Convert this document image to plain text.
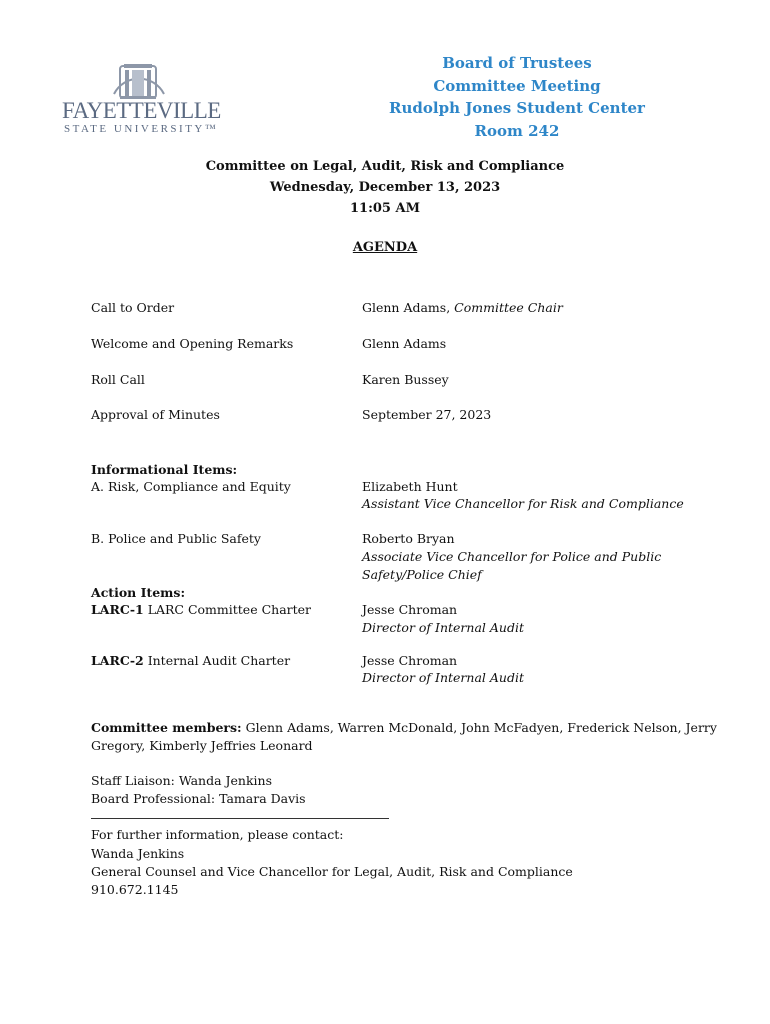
FAYETTEVILLE
STATE UNIVERSITY™
Board of Trustees
Committee Meeting
Rudolph Jones Student Center
Room 242
Committee on Legal, Audit, Risk and Compliance
Wednesday, December 13, 2023
11:05 AM
AGENDA
Call to Order	Glenn Adams, Committee Chair
Welcome and Opening Remarks	Glenn Adams
Roll Call	Karen Bussey
Approval of Minutes	September 27, 2023
Informational Items:
A. Risk, Compliance and Equity	Elizabeth Hunt
Assistant Vice Chancellor for Risk and Compliance
B. Police and Public Safety	Roberto Bryan
Associate Vice Chancellor for Police and Public
Safety/Police Chief
Action Items:
LARC-1 LARC Committee Charter	Jesse Chroman
Director of Internal Audit
LARC-2 Internal Audit Charter	Jesse Chroman
Director of Internal Audit
Committee members: Glenn Adams, Warren McDonald, John McFadyen, Frederick Nelson, Jerry
Gregory, Kimberly Jeffries Leonard
Staff Liaison: Wanda Jenkins
Board Professional: Tamara Davis
For further information, please contact:
Wanda Jenkins
General Counsel and Vice Chancellor for Legal, Audit, Risk and Compliance
910.672.1145
